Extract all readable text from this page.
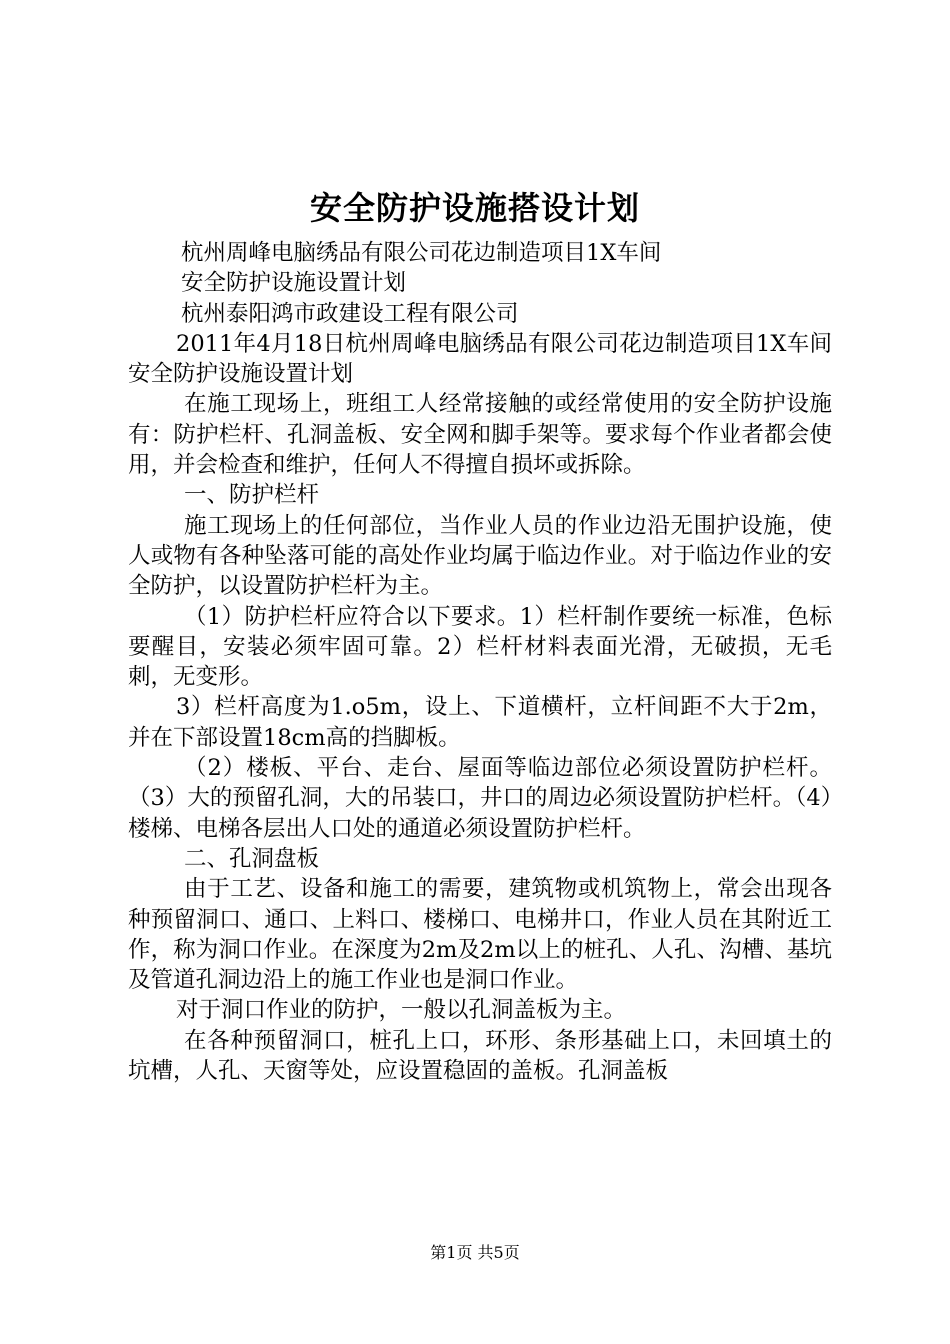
安全防护设施搭设计划

杭州周峰电脑绣品有限公司花边制造项目1X车间

安全防护设施设置计划

杭州泰阳鸿市政建设工程有限公司

2011年4月18日杭州周峰电脑绣品有限公司花边制造项目1X车间安全防护设施设置计划

在施工现场上，班组工人经常接触的或经常使用的安全防护设施有：防护栏杆、孔洞盖板、安全网和脚手架等。要求每个作业者都会使用，并会检查和维护，任何人不得擅自损坏或拆除。

一、防护栏杆

施工现场上的任何部位，当作业人员的作业边沿无围护设施，使人或物有各种坠落可能的高处作业均属于临边作业。对于临边作业的安全防护，以设置防护栏杆为主。

（1）防护栏杆应符合以下要求。1）栏杆制作要统一标准，色标要醒目，安装必须牢固可靠。2）栏杆材料表面光滑，无破损，无毛刺，无变形。

3）栏杆高度为1.o5m，设上、下道横杆，立杆间距不大于2m，并在下部设置18cm高的挡脚板。

（2）楼板、平台、走台、屋面等临边部位必须设置防护栏杆。（3）大的预留孔洞，大的吊装口，井口的周边必须设置防护栏杆。（4）楼梯、电梯各层出人口处的通道必须设置防护栏杆。

二、孔洞盘板

由于工艺、设备和施工的需要，建筑物或机筑物上，常会出现各种预留洞口、通口、上料口、楼梯口、电梯井口，作业人员在其附近工作，称为洞口作业。在深度为2m及2m以上的桩孔、人孔、沟槽、基坑及管道孔洞边沿上的施工作业也是洞口作业。

对于洞口作业的防护，一般以孔洞盖板为主。

在各种预留洞口，桩孔上口，环形、条形基础上口，未回填土的坑槽，人孔、天窗等处，应设置稳固的盖板。孔洞盖板

第1页 共5页
